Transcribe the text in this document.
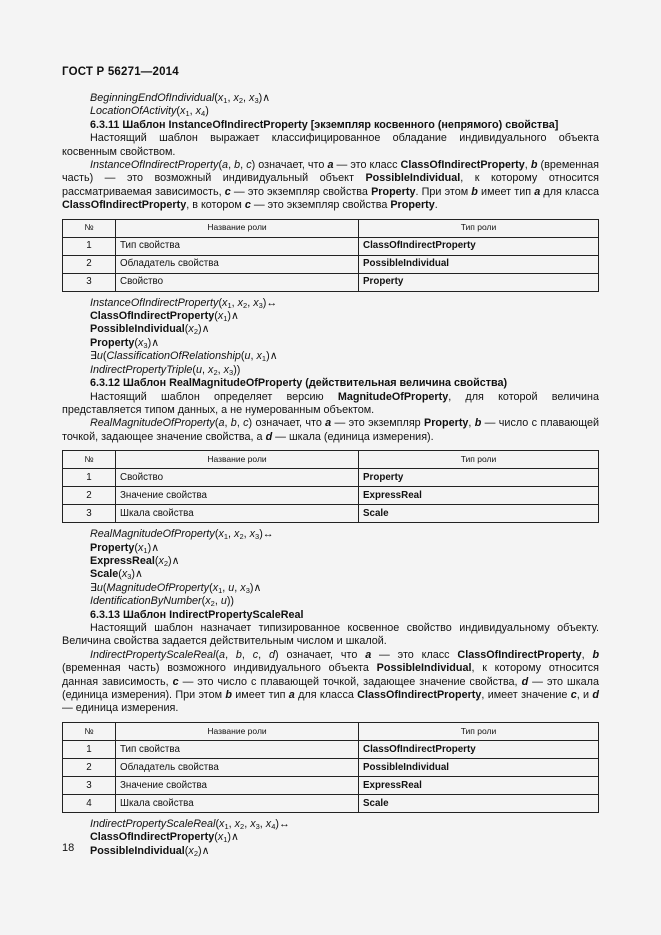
ГОСТ Р 56271—2014
$BeginningEndOfIndividual(x_1$, $x_2$, $x_3)\wedge$
$LocationOfActivity(x_1$, $x_4$)
6.3.11 Шаблон InstanceOfIndirectProperty [экземпляр косвенного (непрямого) свойства]

Настоящий шаблон выражает классифицированное обладание индивидуального объекта косвенным свойством.

InstanceOfIndirectProperty(a, b, c) означает, что a — это класс ClassOfIndirectProperty, b (временная часть) — это возможный индивидуальный объект PossibleIndividual, к которому относится рассматриваемая зависимость, c — это экземпляр свойства Property. При этом b имеет тип a для класса ClassOfIndirectProperty, в котором c — это экземпляр свойства Property.

№	Название роли	Тип роли
1	Тип свойства	ClassOfIndirectProperty
2	Обладатель свойства	PossibleIndividual
3	Свойство	Property
$InstanceOfIndirectProperty(x_1$, $x_2$, $x_3)\leftrightarrow$
$ClassOfIndirectProperty(x_1)\wedge$
$PossibleIndividual(x_2)\wedge$
$Property(x_3)\wedge$
∃u(ClassificationOfRelationship(u, $x_1)\wedge$
IndirectPropertyTriple(u, $x_2$, $x_3$))
6.3.12 Шаблон RealMagnitudeOfProperty (действительная величина свойства)

Настоящий шаблон определяет версию MagnitudeOfProperty, для которой величина представляется типом данных, а не нумерованным объектом.

RealMagnitudeOfProperty(a, b, c) означает, что a — это экземпляр Property, b — число с плавающей точкой, задающее значение свойства, а d — шкала (единица измерения).

№	Название роли	Тип роли
1	Свойство	Property
2	Значение свойства	ExpressReal
3	Шкала свойства	Scale
$RealMagnitudeOfProperty(x_1$, $x_2$, $x_3)\leftrightarrow$
$Property(x_1)\wedge$
$ExpressReal(x_2)\wedge$
$Scale(x_3)\wedge$
$\exists u(MagnitudeOfProperty(x_1$, u, $x_3)\wedge$
$IdentificationByNumber(x_2$, u))
6.3.13 Шаблон IndirectPropertyScaleReal

Настоящий шаблон назначает типизированное косвенное свойство индивидуальному объекту. Величина свойства задается действительным числом и шкалой.

IndirectPropertyScaleReal(a, b, c, d) означает, что a — это класс ClassOfIndirectProperty, b (временная часть) возможного индивидуального объекта PossibleIndividual, к которому относится данная зависимость, c — это число с плавающей точкой, задающее значение свойства, d — это шкала (единица измерения). При этом b имеет тип a для класса ClassOfIndirectProperty, имеет значение c, и d — единица измерения.

№	Название роли	Тип роли
1	Тип свойства	ClassOfIndirectProperty
2	Обладатель свойства	PossibleIndividual
3	Значение свойства	ExpressReal
4	Шкала свойства	Scale
$IndirectPropertyScaleReal(x_1$, $x_2$, $x_3$, $x_4)\leftrightarrow$
$ClassOfIndirectProperty(x_1)\wedge$
$PossibleIndividual(x_2)\wedge$
18
